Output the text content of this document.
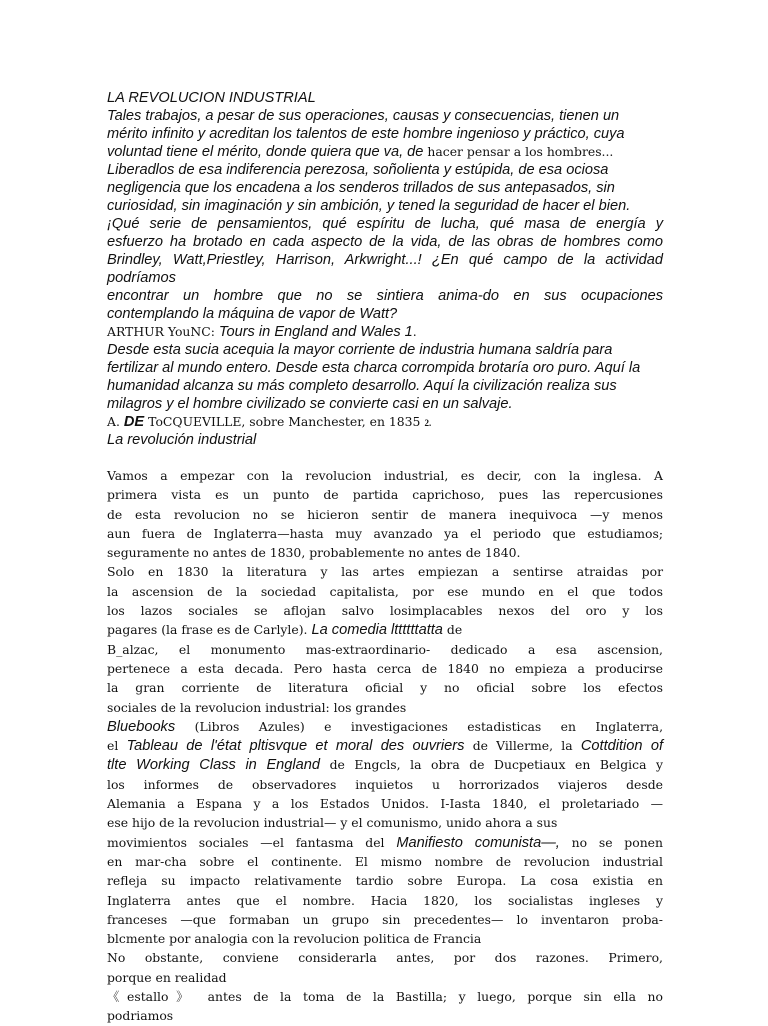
LA REVOLUCION INDUSTRIAL
Tales trabajos, a pesar de sus operaciones, causas y consecuencias, tienen un
mérito infinito y acreditan los talentos de este hombre ingenioso y práctico, cuya
voluntad tiene el mérito, donde quiera que va, de hacer pensar a los hombres...
Liberadlos de esa indiferencia perezosa, soñolienta y estúpida, de esa ociosa
negligencia que los encadena a los senderos trillados de sus antepasados, sin
curiosidad, sin imaginación y sin ambición, y tened la seguridad de hacer el bien.
¡Qué serie de pensamientos, qué espíritu de lucha, qué masa de energía y
esfuerzo ha brotado en cada aspecto de la vida, de las obras de hombres como
Brindley, Watt,Priestley, Harrison, Arkwright...! ¿En qué campo de la actividad
podríamos
encontrar un hombre que no se sintiera anima-do en sus ocupaciones
contemplando la máquina de vapor de Watt?
ARTHUR YouNC: Tours in England and Wales 1.
Desde esta sucia acequia la mayor corriente de industria humana saldría para
fertilizar al mundo entero. Desde esta charca corrompida brotaría oro puro. Aquí la
humanidad alcanza su más completo desarrollo. Aquí la civilización realiza sus
milagros y el hombre civilizado se convierte casi en un salvaje.
A. DE ToCQUEVILLE, sobre Manchester, en 1835 2.
La revolución industrial
Vamos a empezar con la revolucion industrial, es decir, con la inglesa. A
primera vista es un punto de partida caprichoso, pues las repercusiones
de esta revolucion no se hicieron sentir de manera inequivoca —y menos
aun fuera de Inglaterra—hasta muy avanzado ya el periodo que estudiamos;
seguramente no antes de 1830, probablemente no antes de 1840.
Solo en 1830 la literatura y las artes empiezan a sentirse atraidas por
la ascension de la sociedad capitalista, por ese mundo en el que todos
los lazos sociales se aflojan salvo losimplacables nexos del oro y los
pagares (la frase es de Carlyle). La comedia lttttttatta de
B_alzac, el monumento mas-extraordinario- dedicado a esa ascension,
pertenece a esta decada. Pero hasta cerca de 1840 no empieza a producirse
la gran corriente de literatura oficial y no oficial sobre los efectos
sociales de la revolucion industrial: los grandes
Bluebooks (Libros Azules) e investigaciones estadisticas en Inglaterra,
el Tableau de l'état pltisvque et moral des ouvriers de Villerme, la Cottdition of
tlte Working Class in England de Engcls, la obra de Ducpetiaux en Belgica y
los informes de observadores inquietos u horrorizados viajeros desde
Alemania a Espana y a los Estados Unidos. I-Iasta 1840, el proletariado —
ese hijo de la revolucion industrial— y el comunismo, unido ahora a sus
movimientos sociales —el fantasma del Manifiesto comunista—, no se ponen
en mar-cha sobre el continente. El mismo nombre de revolucion industrial
refleja su impacto relativamente tardio sobre Europa. La cosa existia en
Inglaterra antes que el nombre. Hacia 1820, los socialistas ingleses y
franceses —que formaban un grupo sin precedentes— lo inventaron proba-
blcmente por analogia con la revolucion politica de Francia
No obstante, conviene considerarla antes, por dos razones. Primero,
porque en realidad
《estallo》 antes de la toma de la Bastilla; y luego, porque sin ella no
podriamos
